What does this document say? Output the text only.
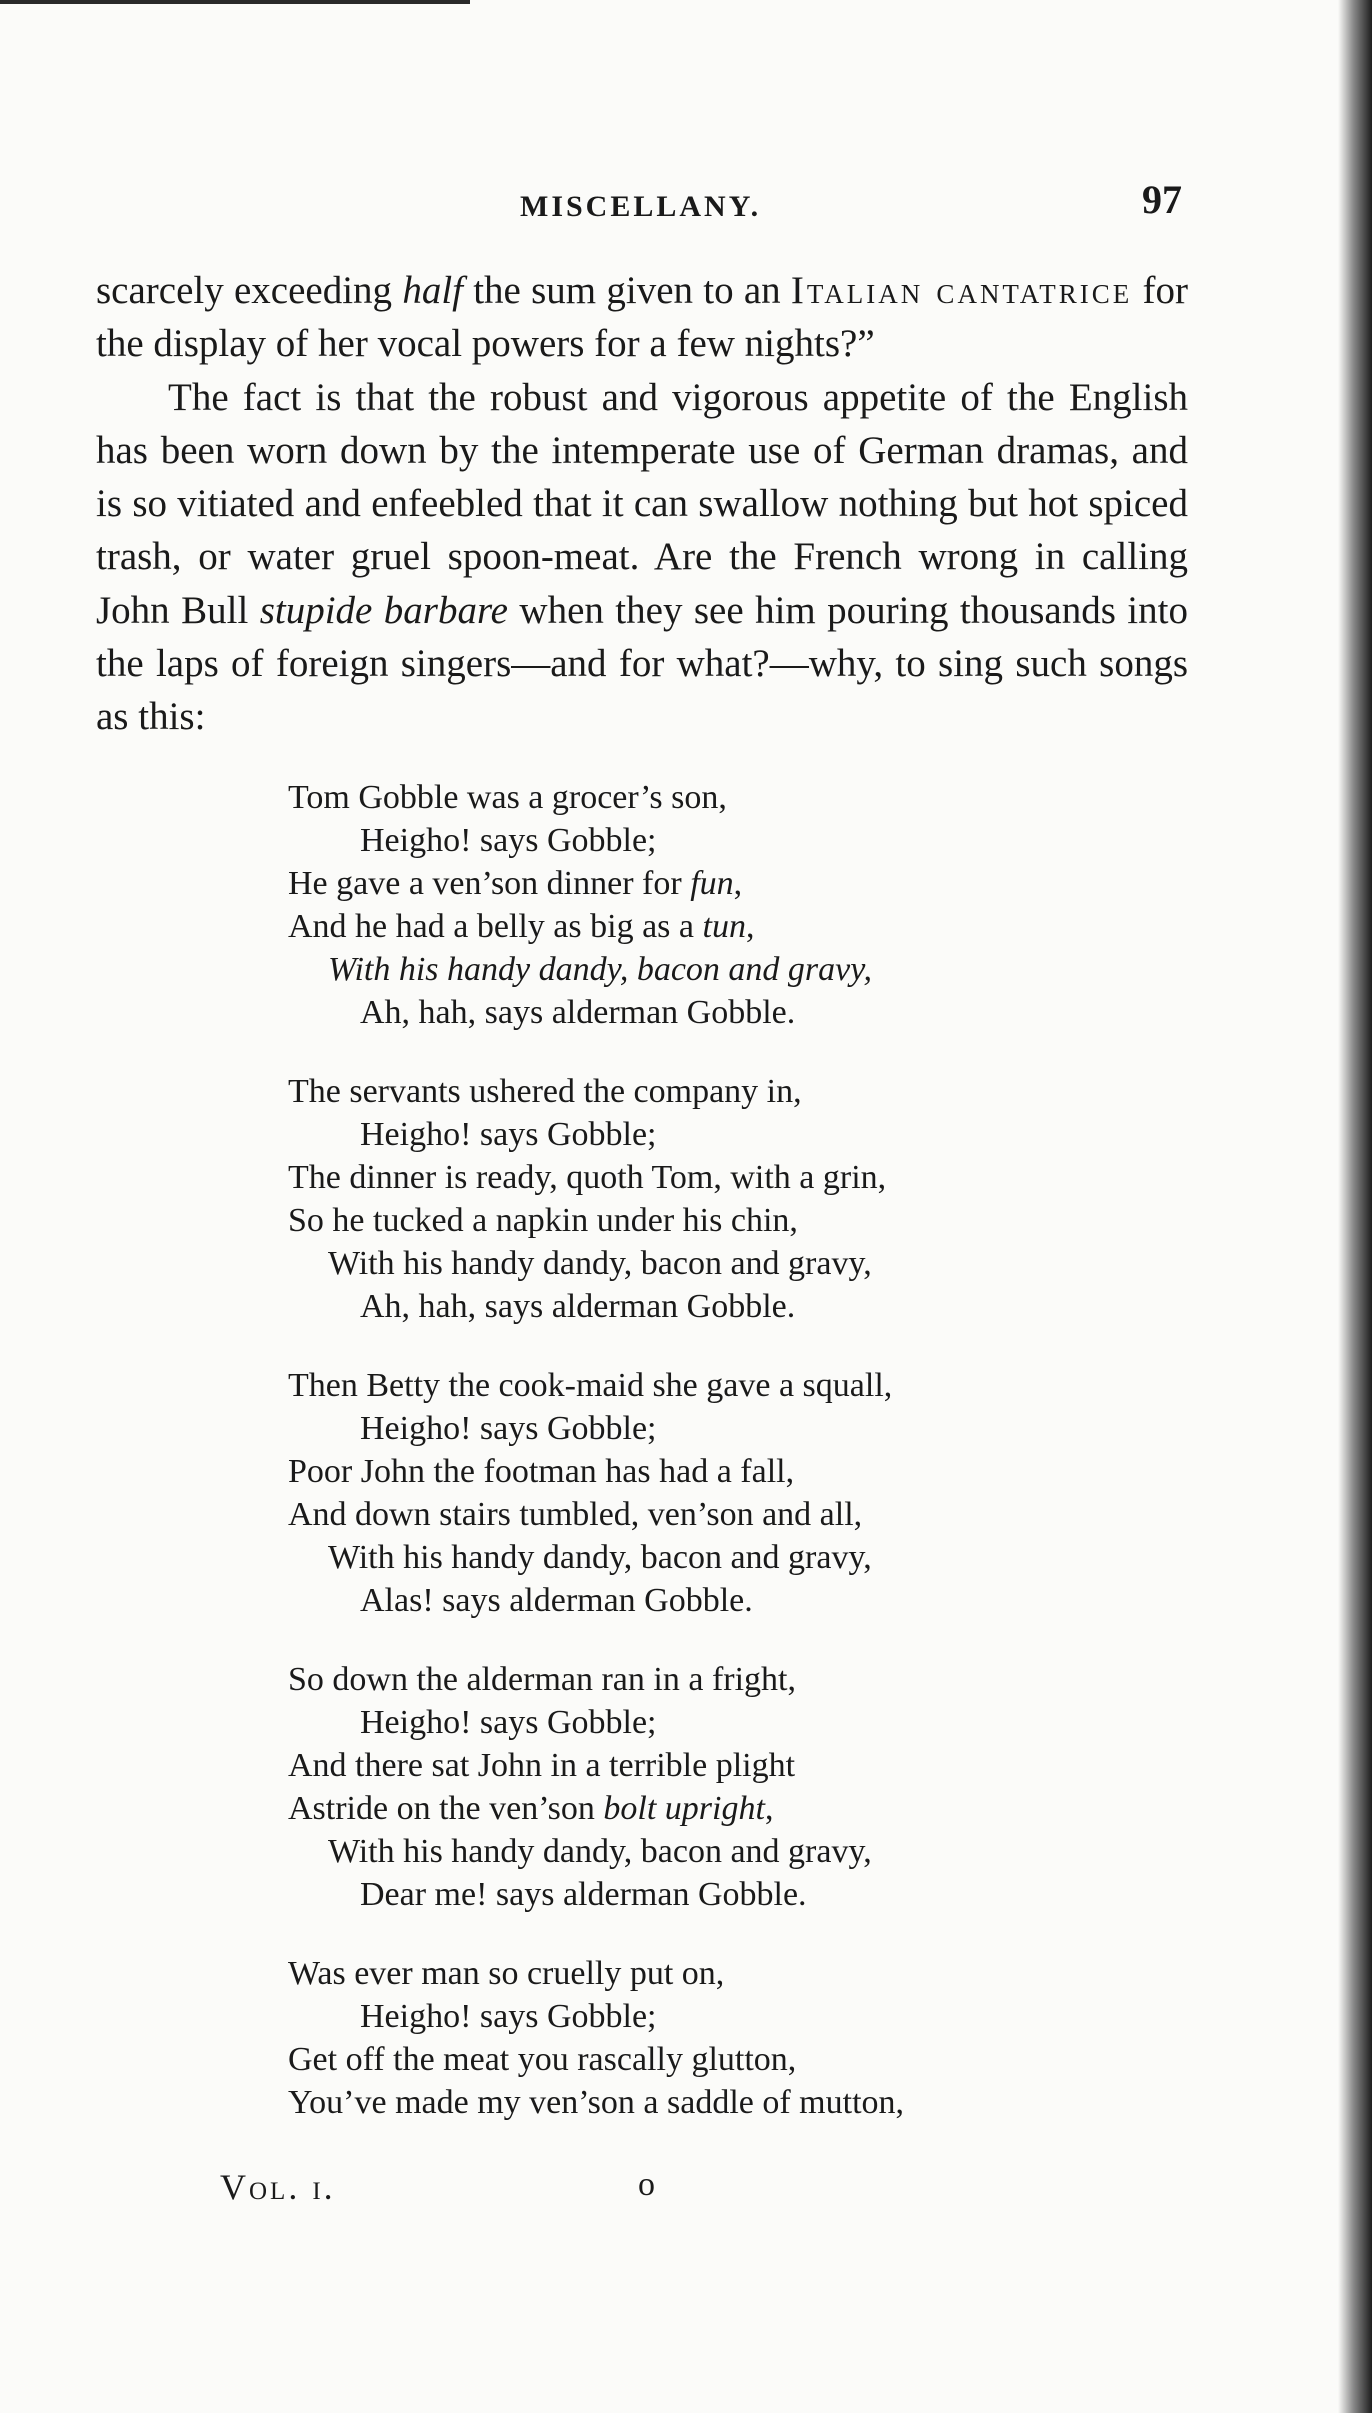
MISCELLANY.	97

scarcely exceeding half the sum given to an Italian cantatrice for the display of her vocal powers for a few nights?”

The fact is that the robust and vigorous appetite of the English has been worn down by the intemperate use of German dramas, and is so vitiated and enfeebled that it can swallow nothing but hot spiced trash, or water gruel spoon-meat. Are the French wrong in calling John Bull stupide barbare when they see him pouring thousands into the laps of foreign singers—and for what?—why, to sing such songs as this:

Tom Gobble was a grocer’s son,
Heigho! says Gobble;
He gave a ven’son dinner for fun,
And he had a belly as big as a tun,
With his handy dandy, bacon and gravy,
Ah, hah, says alderman Gobble.
The servants ushered the company in,
Heigho! says Gobble;
The dinner is ready, quoth Tom, with a grin,
So he tucked a napkin under his chin,
With his handy dandy, bacon and gravy,
Ah, hah, says alderman Gobble.
Then Betty the cook-maid she gave a squall,
Heigho! says Gobble;
Poor John the footman has had a fall,
And down stairs tumbled, ven’son and all,
With his handy dandy, bacon and gravy,
Alas! says alderman Gobble.
So down the alderman ran in a fright,
Heigho! says Gobble;
And there sat John in a terrible plight
Astride on the ven’son bolt upright,
With his handy dandy, bacon and gravy,
Dear me! says alderman Gobble.
Was ever man so cruelly put on,
Heigho! says Gobble;
Get off the meat you rascally glutton,
You’ve made my ven’son a saddle of mutton,
Vol. i.	o
